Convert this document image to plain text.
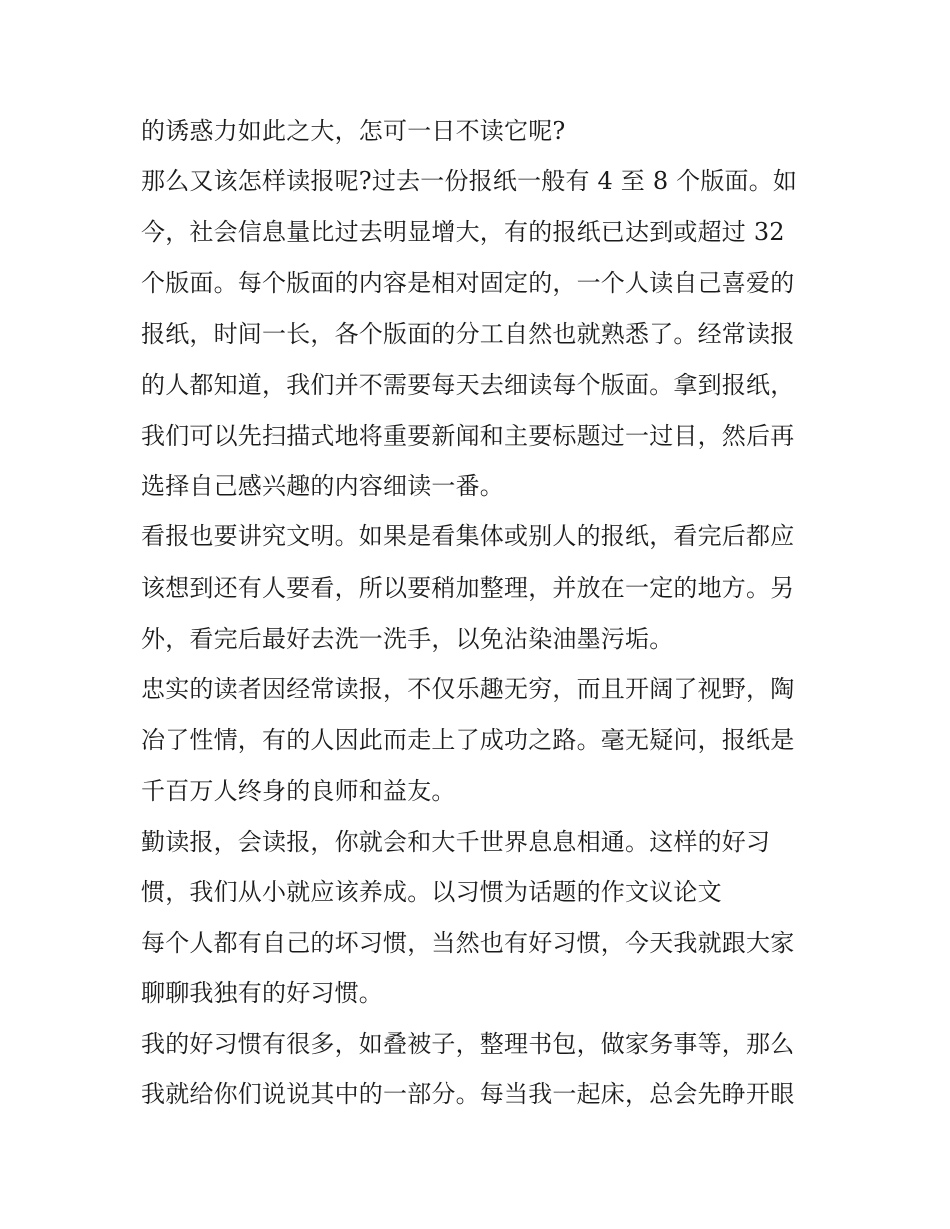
的诱惑力如此之大，怎可一日不读它呢?
那么又该怎样读报呢?过去一份报纸一般有 4 至 8 个版面。如
今，社会信息量比过去明显增大，有的报纸已达到或超过 32
个版面。每个版面的内容是相对固定的，一个人读自己喜爱的
报纸，时间一长，各个版面的分工自然也就熟悉了。经常读报
的人都知道，我们并不需要每天去细读每个版面。拿到报纸，
我们可以先扫描式地将重要新闻和主要标题过一过目，然后再
选择自己感兴趣的内容细读一番。
看报也要讲究文明。如果是看集体或别人的报纸，看完后都应
该想到还有人要看，所以要稍加整理，并放在一定的地方。另
外，看完后最好去洗一洗手，以免沾染油墨污垢。
忠实的读者因经常读报，不仅乐趣无穷，而且开阔了视野，陶
冶了性情，有的人因此而走上了成功之路。毫无疑问，报纸是
千百万人终身的良师和益友。
勤读报，会读报，你就会和大千世界息息相通。这样的好习
惯，我们从小就应该养成。以习惯为话题的作文议论文
每个人都有自己的坏习惯，当然也有好习惯，今天我就跟大家
聊聊我独有的好习惯。
我的好习惯有很多，如叠被子，整理书包，做家务事等，那么
我就给你们说说其中的一部分。每当我一起床，总会先睁开眼
